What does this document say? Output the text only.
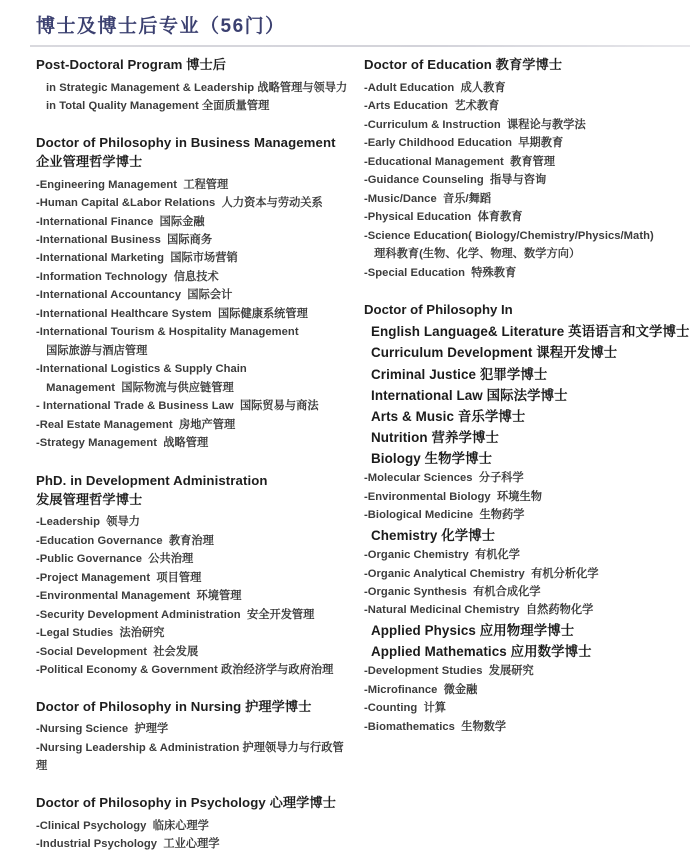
博士及博士后专业（56门）
Post-Doctoral Program 博士后
in Strategic Management & Leadership 战略管理与领导力
in Total Quality Management 全面质量管理
Doctor of Philosophy in Business Management
企业管理哲学博士
-Engineering Management  工程管理
-Human Capital &Labor Relations  人力资本与劳动关系
-International Finance  国际金融
-International Business  国际商务
-International Marketing  国际市场营销
-Information Technology  信息技术
-International Accountancy  国际会计
-International Healthcare System  国际健康系统管理
-International Tourism & Hospitality Management
国际旅游与酒店管理
-International Logistics & Supply Chain
Management  国际物流与供应链管理
- International Trade & Business Law  国际贸易与商法
-Real Estate Management  房地产管理
-Strategy Management  战略管理
PhD. in Development Administration
发展管理哲学博士
-Leadership  领导力
-Education Governance  教育治理
-Public Governance  公共治理
-Project Management  项目管理
-Environmental Management  环境管理
-Security Development Administration  安全开发管理
-Legal Studies  法治研究
-Social Development  社会发展
-Political Economy & Government 政治经济学与政府治理
Doctor of Philosophy in Nursing 护理学博士
-Nursing Science  护理学
-Nursing Leadership & Administration 护理领导力与行政管理
Doctor of Philosophy in Psychology 心理学博士
-Clinical Psychology  临床心理学
-Industrial Psychology  工业心理学
Doctor of Education 教育学博士
-Adult Education  成人教育
-Arts Education  艺术教育
-Curriculum & Instruction  课程论与教学法
-Early Childhood Education  早期教育
-Educational Management  教育管理
-Guidance Counseling  指导与咨询
-Music/Dance  音乐/舞蹈
-Physical Education  体育教育
-Science Education( Biology/Chemistry/Physics/Math)
理科教育(生物、化学、物理、数学方向）
-Special Education  特殊教育
Doctor of Philosophy In
English Language& Literature 英语语言和文学博士
Curriculum Development 课程开发博士
Criminal Justice 犯罪学博士
International Law 国际法学博士
Arts & Music 音乐学博士
Nutrition 营养学博士
Biology 生物学博士
-Molecular Sciences  分子科学
-Environmental Biology  环境生物
-Biological Medicine  生物药学
Chemistry 化学博士
-Organic Chemistry  有机化学
-Organic Analytical Chemistry  有机分析化学
-Organic Synthesis  有机合成化学
-Natural Medicinal Chemistry  自然药物化学
Applied Physics 应用物理学博士
Applied Mathematics 应用数学博士
-Development Studies  发展研究
-Microfinance  微金融
-Counting  计算
-Biomathematics  生物数学
